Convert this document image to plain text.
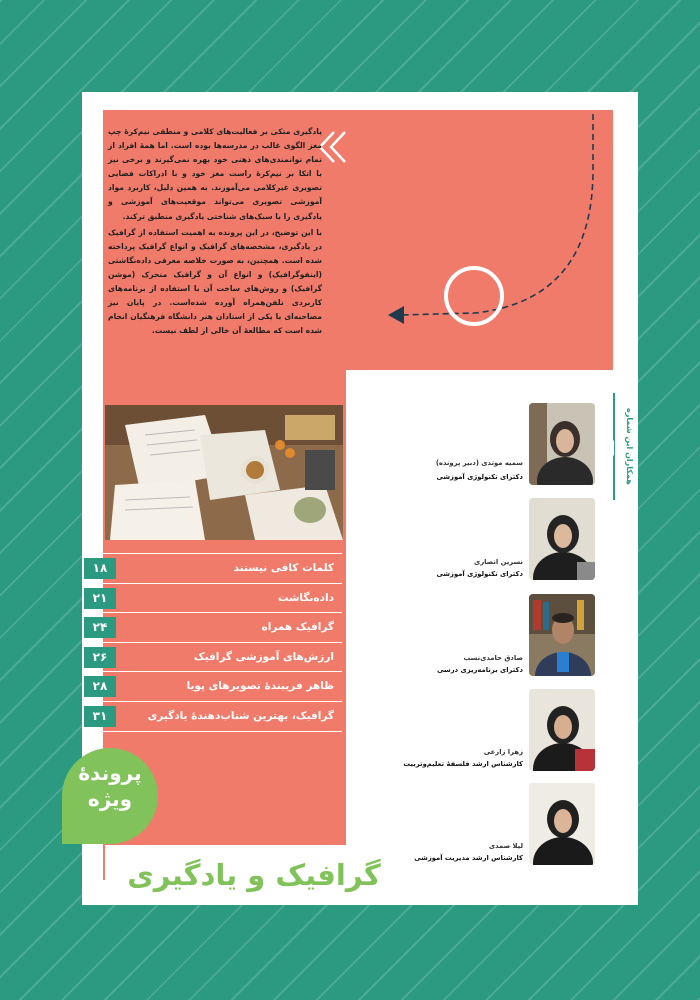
یادگیری متکی بر فعالیت‌های کلامی و منطقی نیم‌کرهٔ چپ مغز الگوی غالب در مدرسه‌ها بوده است. اما همهٔ افراد از تمام توانمندی‌های ذهنی خود بهره نمی‌گیرند و برخی نیز با اتکا بر نیم‌کرهٔ راست مغز خود و با ادراکات فضایی تصویری غیرکلامی می‌آموزند. به همین دلیل، کاربرد مواد آموزشی تصویری می‌تواند موقعیت‌های آموزشی و یادگیری را با سبک‌های شناختی یادگیری منطبق ترکند.

با این توضیح، در این پرونده به اهمیت استفاده از گرافیک در یادگیری، مشخصه‌های گرافیک و انواع گرافیک پرداخته شده است. همچنین، به صورت خلاصه معرفی داده‌نگاشتی (اینفوگرافیک) و انواع آن و گرافیک متحرک (موشن گرافیک) و روش‌های ساخت آن با استفاده از برنامه‌های کاربردی تلفن‌همراه آورده شده‌است. در پایان نیز مصاحبه‌ای با یکی از استادان هنر دانشگاه فرهنگیان انجام شده است که مطالعهٔ آن خالی از لطف نیست.

۱۸	کلمات کافی نیستند
۲۱	داده‌نگاشت
۲۴	گرافیک همراه
۲۶	ارزش‌های آموزشی گرافیک
۲۸	ظاهر فریبندهٔ تصویرهای پویا
۳۱	گرافیک، بهترین شتاب‌دهندهٔ یادگیری
همکاران این شماره
سمیه موتدی (دبیر پرونده)
دکترای تکنولوژی آموزشی
نسرین انصاری
دکترای تکنولوژی آموزشی
صادق حامدی‌نسب
دکترای برنامه‌ریزی درسی
زهرا زارعی
کارشناس ارشد فلسفهٔ تعلیم‌وتربیت
لیلا صمدی
کارشناس ارشد مدیریت آموزشی
پروندهٔ
ویژه
گرافیک و یادگیری
